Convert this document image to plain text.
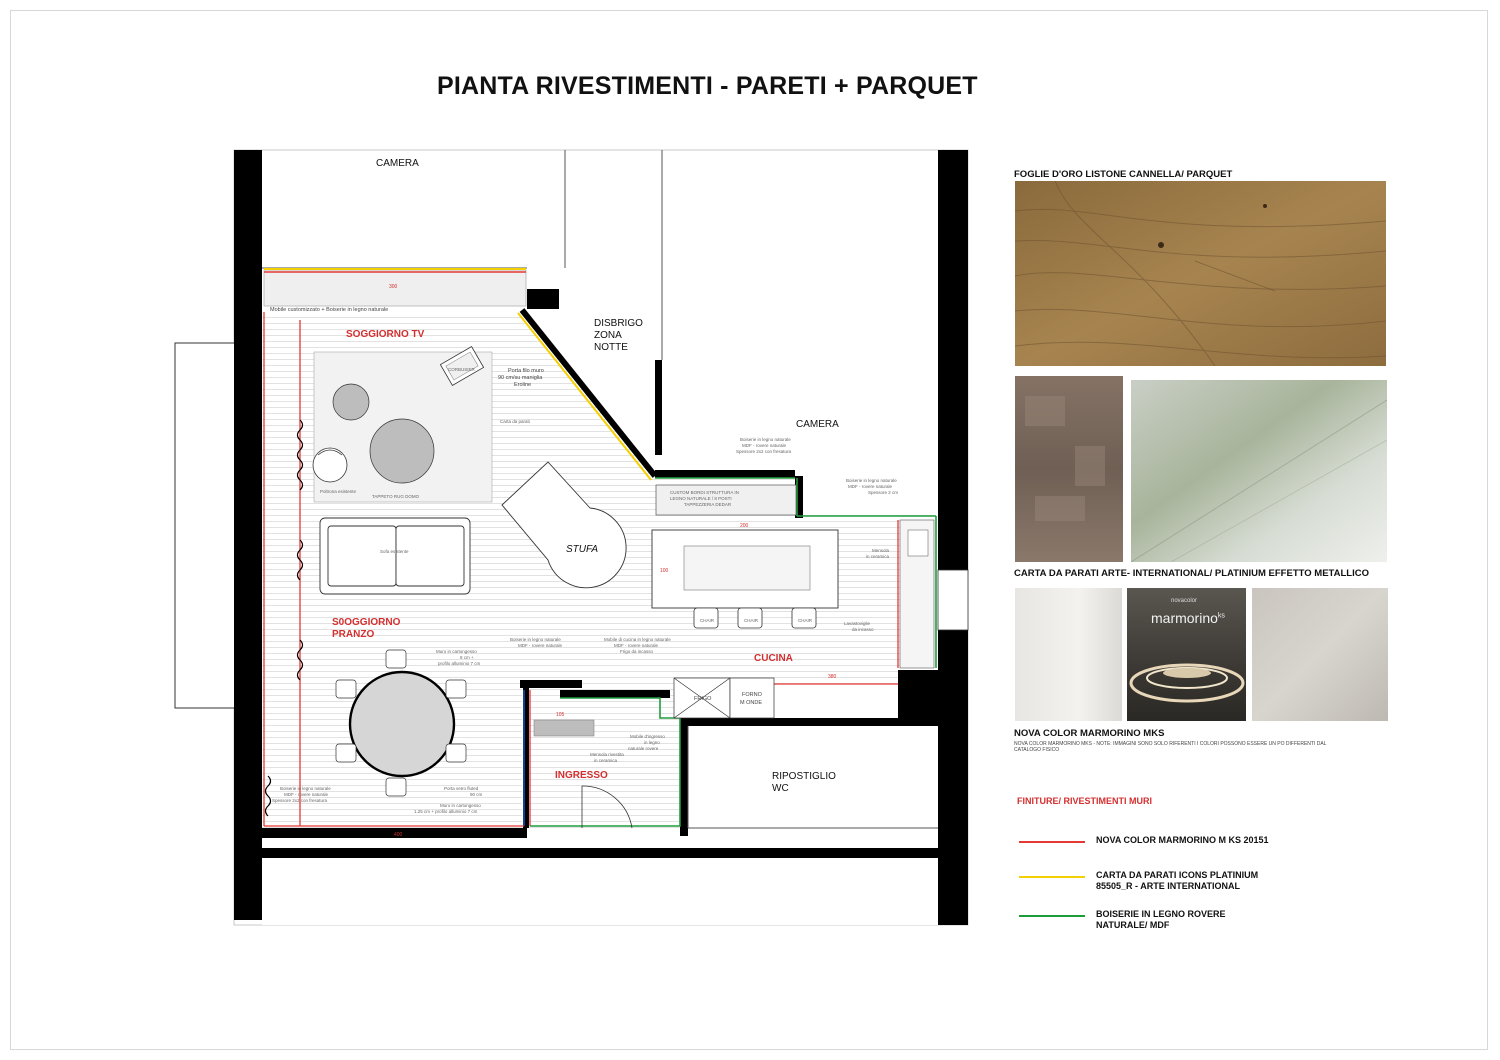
PIANTA RIVESTIMENTI - PARETI + PARQUET
CAMERA
CAMERA
DISBRIGO
ZONA
NOTTE
SOGGIORNO TV
S0OGGIORNO
PRANZO
STUFA
CUCINA
INGRESSO	RIPOSTIGLIO
WC
FRIGO
FORNO
M ONDE
Mobile customizzato + Boiserie in legno naturale
Porta filo muro
90 cm/su maniglia
Eroline
Boiserie in legno naturale
MDF - rovere naturale
Spessore 2x2 con fresatura
Boiserie in legno naturale
MDF - rovere naturale
Spessore 2 cm
CUSTOM BORDI STRUTTURA IN
LEGNO NATURALE / 8 POSTI
TAPPEZZERIA DEDAR
Mensola
in ceramica
Lavastoviglie
da incasso
Muro in cartongesso
8 cm +
profilo alluminio 7 cm
Boiserie in legno naturale
MDF - rovere naturale
Mobile di cucina in legno naturale
MDF - rovere naturale
Frigo da incasso
Mobile d'ingresso
in legno
naturale rovere
Mensola rivestita
in ceramica
Porta vetro fluted
90 cm
Muro in cartongesso
1.25 cm + profilo alluminio 7 cm
Boiserie in legno naturale
MDF - rovere naturale
Spessore 2x2 con fresatura
Sofa esistente
TAPPETO RUG DOMO
Carta da parati
Poltrona esistente
CORBUSIER
CHAIR	CHAIR	CHAIR
300
200
100
400
380
105
FOGLIE D'ORO LISTONE CANNELLA/ PARQUET
CARTA DA PARATI ARTE- INTERNATIONAL/ PLATINIUM EFFETTO METALLICO
novacolor
marmorino$^{ks}$
NOVA COLOR MARMORINO MKS
NOVA COLOR MARMORINO MKS - NOTE: IMMAGINI SONO SOLO RIFERENTI I COLORI POSSONO ESSERE UN PO DIFFERENTI DAL CATALOGO FISICO
FINITURE/ RIVESTIMENTI MURI
NOVA COLOR MARMORINO M KS 20151
CARTA DA PARATI ICONS PLATINIUM
85505_R - ARTE INTERNATIONAL
BOISERIE IN LEGNO ROVERE
NATURALE/ MDF
